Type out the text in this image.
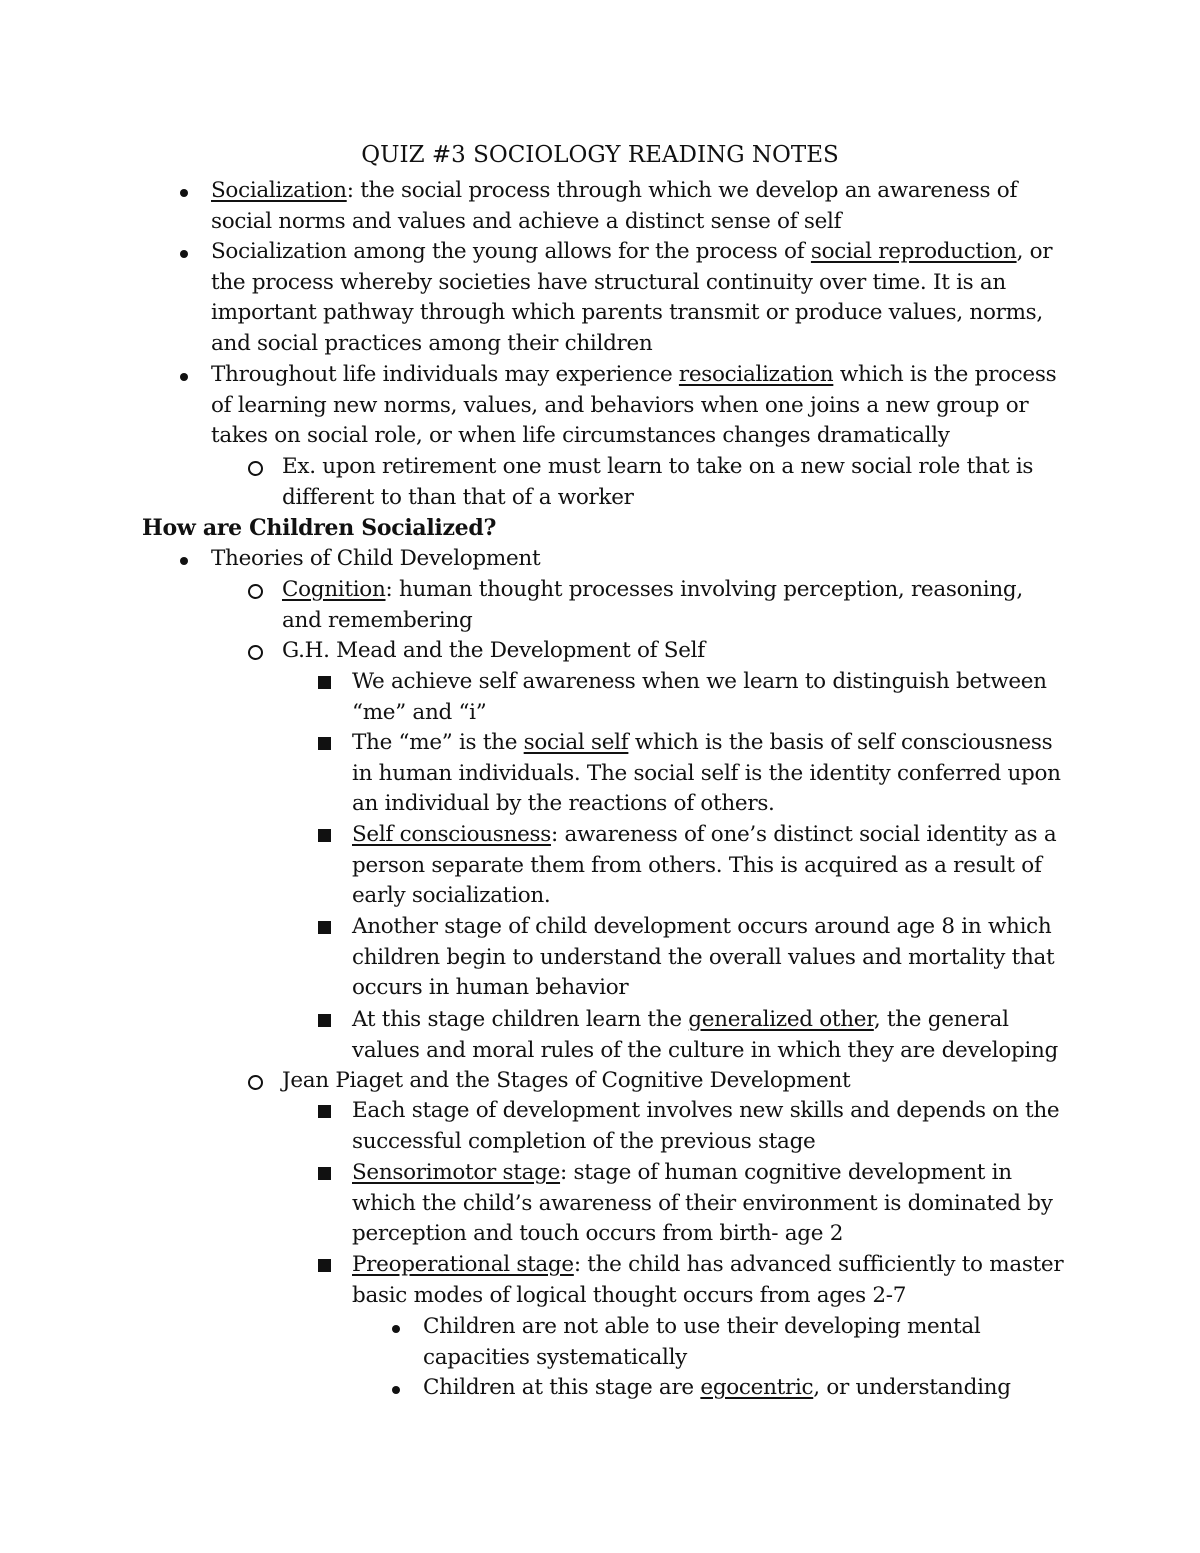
QUIZ #3 SOCIOLOGY READING NOTES
Socialization: the social process through which we develop an awareness of social norms and values and achieve a distinct sense of self
Socialization among the young allows for the process of social reproduction, or the process whereby societies have structural continuity over time. It is an important pathway through which parents transmit or produce values, norms, and social practices among their children
Throughout life individuals may experience resocialization which is the process of learning new norms, values, and behaviors when one joins a new group or takes on social role, or when life circumstances changes dramatically
Ex. upon retirement one must learn to take on a new social role that is different to than that of a worker
How are Children Socialized?
Theories of Child Development
Cognition: human thought processes involving perception, reasoning, and remembering
G.H. Mead and the Development of Self
We achieve self awareness when we learn to distinguish between “me” and “i”
The “me” is the social self which is the basis of self consciousness in human individuals. The social self is the identity conferred upon an individual by the reactions of others.
Self consciousness: awareness of one’s distinct social identity as a person separate them from others. This is acquired as a result of early socialization.
Another stage of child development occurs around age 8 in which children begin to understand the overall values and mortality that occurs in human behavior
At this stage children learn the generalized other, the general values and moral rules of the culture in which they are developing
Jean Piaget and the Stages of Cognitive Development
Each stage of development involves new skills and depends on the successful completion of the previous stage
Sensorimotor stage: stage of human cognitive development in which the child’s awareness of their environment is dominated by perception and touch occurs from birth- age 2
Preoperational stage: the child has advanced sufficiently to master basic modes of logical thought occurs from ages 2-7
Children are not able to use their developing mental capacities systematically
Children at this stage are egocentric, or understanding
